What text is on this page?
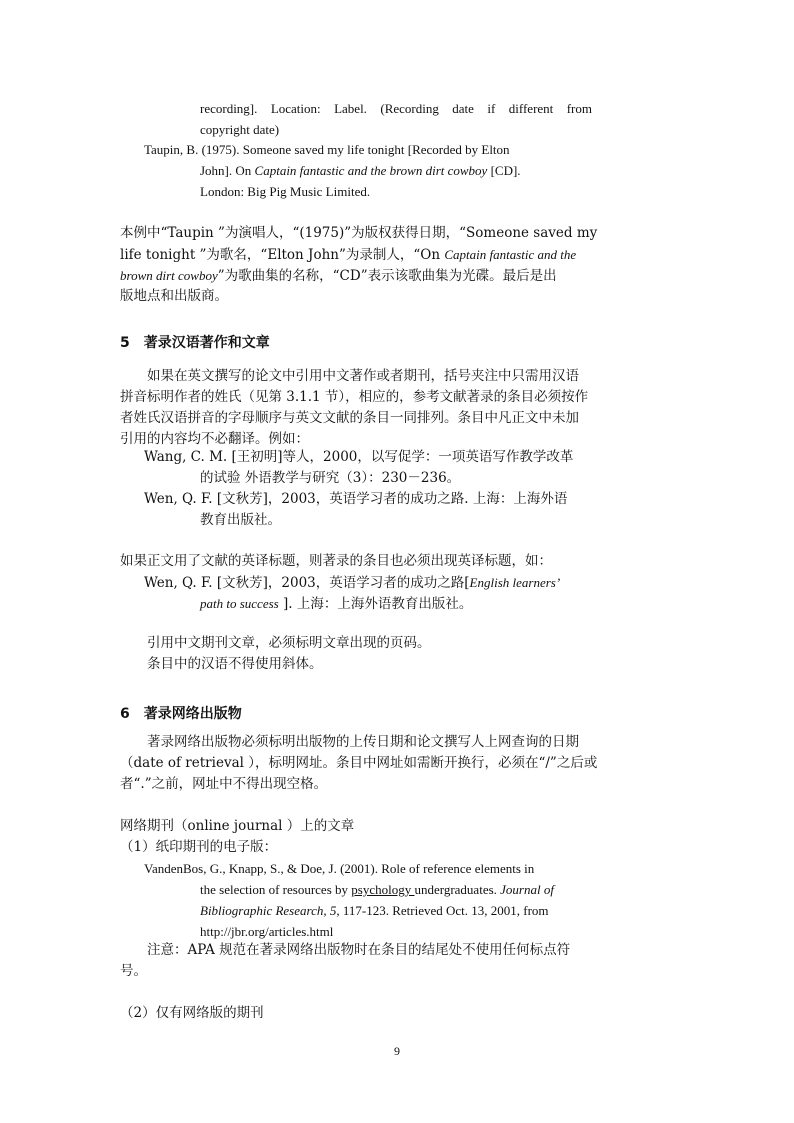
recording]. Location: Label. (Recording date if different from
copyright date)
Taupin, B. (1975). Someone saved my life tonight [Recorded by Elton
John]. On Captain fantastic and the brown dirt cowboy [CD].
London: Big Pig Music Limited.
本例中“Taupin ”为演唱人，“(1975)”为版权获得日期，“Someone saved my
life tonight ”为歌名，“Elton John”为录制人，“On Captain fantastic and the
brown dirt cowboy”为歌曲集的名称，“CD”表示该歌曲集为光碟。最后是出
版地点和出版商。
5　著录汉语著作和文章
如果在英文撰写的论文中引用中文著作或者期刊，括号夹注中只需用汉语
拼音标明作者的姓氏（见第 3.1.1 节），相应的，参考文献著录的条目必须按作
者姓氏汉语拼音的字母顺序与英文文献的条目一同排列。条目中凡正文中未加
引用的内容均不必翻译。例如：
Wang, C. M. [王初明]等人，2000，以写促学：一项英语写作教学改革
的试验 外语教学与研究（3）：230－236。
Wen, Q. F. [文秋芳]，2003，英语学习者的成功之路. 上海：上海外语
教育出版社。
如果正文用了文献的英译标题，则著录的条目也必须出现英译标题，如：
Wen, Q. F. [文秋芳]，2003，英语学习者的成功之路[English learners’
path to success ]. 上海：上海外语教育出版社。
引用中文期刊文章，必须标明文章出现的页码。
条目中的汉语不得使用斜体。
6　著录网络出版物
著录网络出版物必须标明出版物的上传日期和论文撰写人上网查询的日期
（date of retrieval ），标明网址。条目中网址如需断开换行，必须在“/”之后或
者“.”之前，网址中不得出现空格。
网络期刊（online journal ）上的文章
（1）纸印期刊的电子版：
VandenBos, G., Knapp, S., & Doe, J. (2001). Role of reference elements in
the selection of resources by psychology undergraduates. Journal of
Bibliographic Research, 5, 117-123. Retrieved Oct. 13, 2001, from
http://jbr.org/articles.html
注意：APA 规范在著录网络出版物时在条目的结尾处不使用任何标点符
号。
（2）仅有网络版的期刊
9
